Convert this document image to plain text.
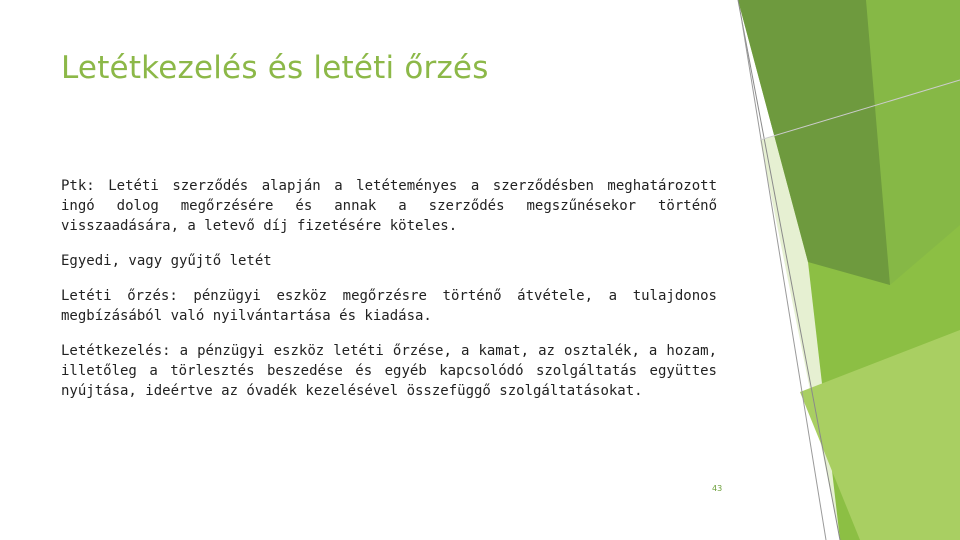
Letétkezelés és letéti őrzés

Ptk: Letéti szerződés alapján a letéteményes a szerződésben meghatározott ingó dolog megőrzésére és annak a szerződés megszűnésekor történő visszaadására, a letevő díj fizetésére köteles.

Egyedi, vagy gyűjtő letét

Letéti őrzés: pénzügyi eszköz megőrzésre történő átvétele, a tulajdonos megbízásából való nyilvántartása és kiadása.

Letétkezelés: a pénzügyi eszköz letéti őrzése, a kamat, az osztalék, a hozam, illetőleg a törlesztés beszedése és egyéb kapcsolódó szolgáltatás együttes nyújtása, ideértve az óvadék kezelésével összefüggő szolgáltatásokat.

43
